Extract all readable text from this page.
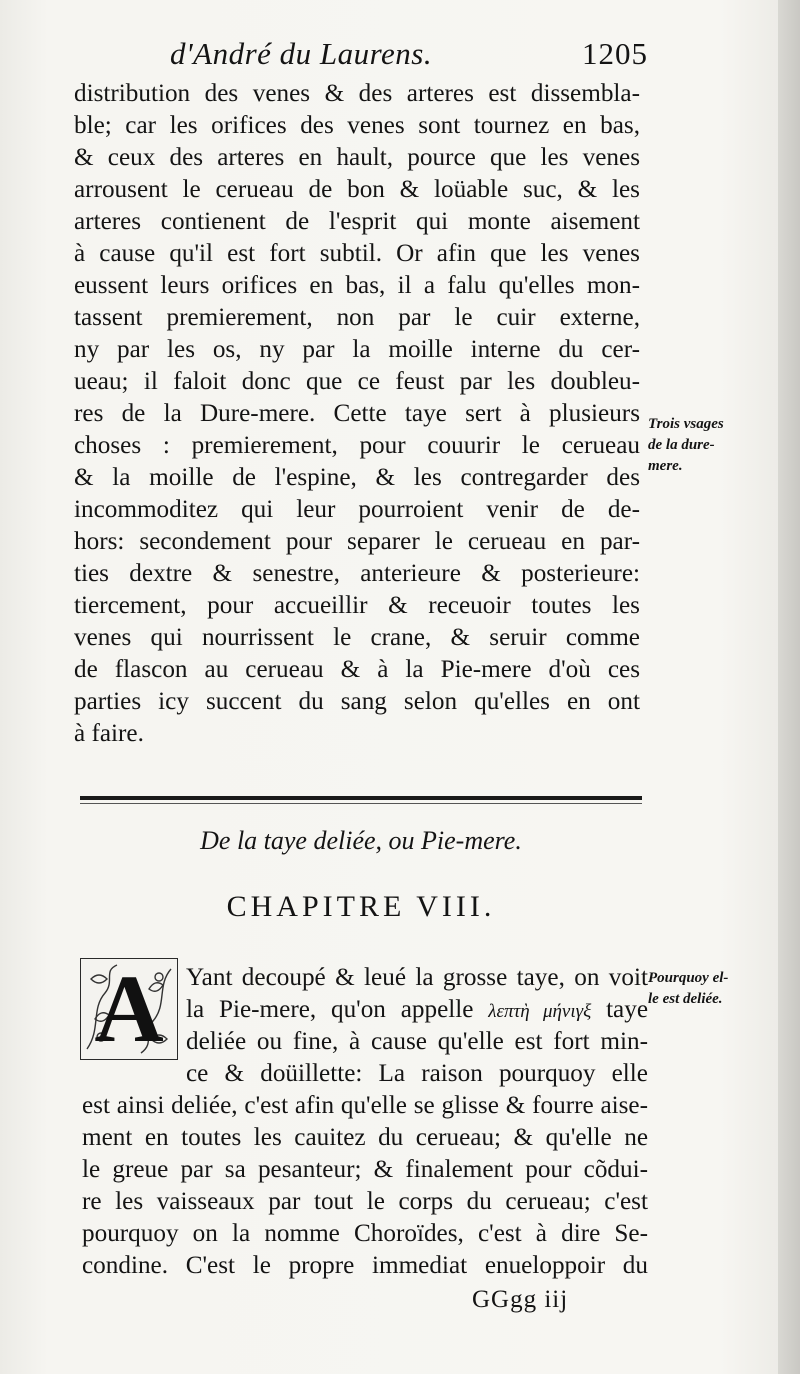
d'André du Laurens.	1205
distribution des venes & des arteres est dissembla-
ble; car les orifices des venes sont tournez en bas,
& ceux des arteres en hault, pource que les venes
arrousent le cerueau de bon & loüable suc, & les
arteres contienent de l'esprit qui monte aisement
à cause qu'il est fort subtil. Or afin que les venes
eussent leurs orifices en bas, il a falu qu'elles mon-
tassent premierement, non par le cuir externe,
ny par les os, ny par la moille interne du cer-
ueau; il faloit donc que ce feust par les doubleu-
res de la Dure-mere. Cette taye sert à plusieurs
choses : premierement, pour couurir le cerueau
& la moille de l'espine, & les contregarder des
incommoditez qui leur pourroient venir de de-
hors: secondement pour separer le cerueau en par-
ties dextre & senestre, anterieure & posterieure:
tiercement, pour accueillir & receuoir toutes les
venes qui nourrissent le crane, & seruir comme
de flascon au cerueau & à la Pie-mere d'où ces
parties icy succent du sang selon qu'elles en ont
à faire.
Trois vsages
de la dure-
mere.
De la taye deliée, ou Pie-mere.
CHAPITRE VIII.
A Yant decoupé & leué la grosse taye, on voit
la Pie-mere, qu'on appelle λεπτὴ μήνιγξ taye
deliée ou fine, à cause qu'elle est fort min-
ce & doüillette: La raison pourquoy elle
est ainsi deliée, c'est afin qu'elle se glisse & fourre aise-
ment en toutes les cauitez du cerueau; & qu'elle ne
le greue par sa pesanteur; & finalement pour cõdui-
re les vaisseaux par tout le corps du cerueau; c'est
pourquoy on la nomme Choroïdes, c'est à dire Se-
condine. C'est le propre immediat enueloppoir du
Pourquoy el-
le est deliée.
GGgg iij
